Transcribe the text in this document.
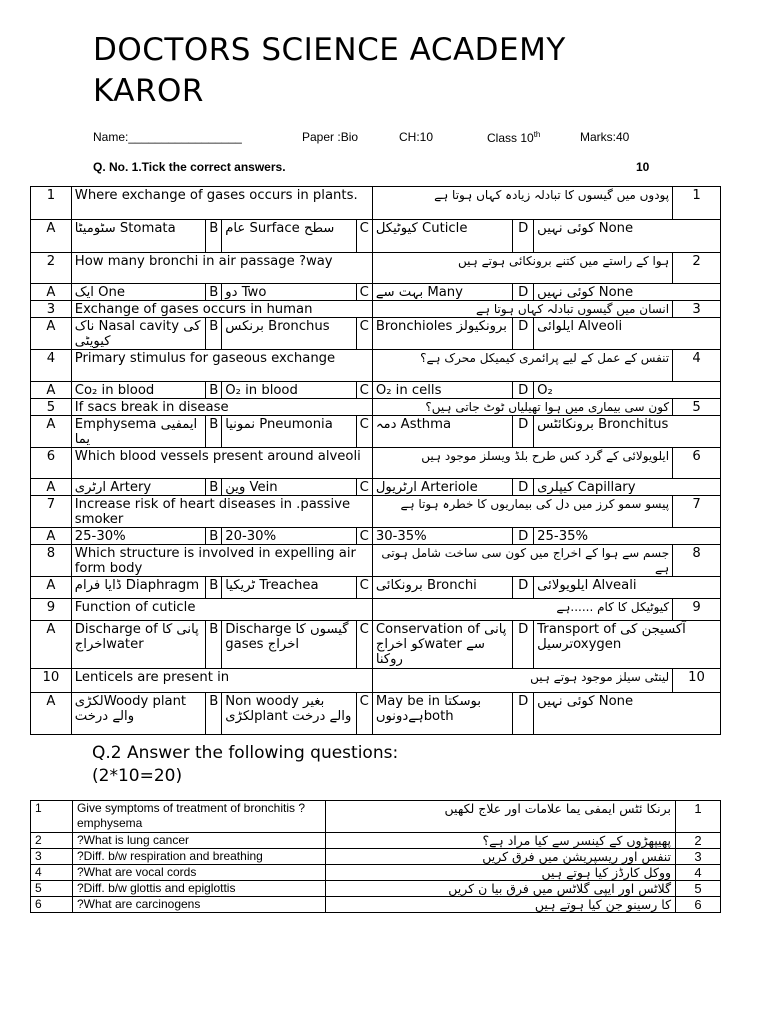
DOCTORS SCIENCE ACADEMY
KAROR
Name:_________________	Paper :Bio	CH:10	Class 10th	Marks:40
Q. No. 1.Tick the correct answers.	10
1	Where exchange of gases occurs in plants.				پودوں میں گیسوں کا تبادلہ زیادہ کہاں ہوتا ہے			1
A	سٹومیٹا Stomata	B	عام Surface سطح	C	کیوٹیکل Cuticle	D	کوئی نہیں None	
2	How many bronchi in air passage ?way				ہوا کے راستے میں کتنے برونکائی ہوتے ہیں			2
A	ایک One	B	دو Two	C	بہت سے Many	D	کوئی نہیں None	
3	Exchange of gases occurs in human				انسان میں گیسوں تبادلہ کہاں ہوتا ہے			3
A	ناک Nasal cavity کی کیویٹی	B	برنکس Bronchus	C	Bronchioles برونکیولز	D	ایلوائی Alveoli	
4	Primary stimulus for gaseous exchange				تنفس کے عمل کے لیے پرائمری کیمیکل محرک ہے؟			4
A	Co₂ in blood	B	O₂ in blood	C	O₂ in cells	D	O₂	
5	If sacs break in disease				کون سی بیماری میں ہوا تھیلیاں ٹوٹ جاتی ہیں؟			5
A	Emphysema ایمفیی یما	B	نمونیا Pneumonia	C	دمہ Asthma	D	برونکائٹس Bronchitus	
6	Which blood vessels present around alveoli				ایلویولائی کے گرد کس طرح بلڈ ویسلز موجود ہیں			6
A	ارٹری Artery	B	وین Vein	C	ارٹریول Arteriole	D	کیپلری Capillary	
7	Increase risk of heart diseases in .passive smoker				پیسو سمو کرز میں دل کی بیماریوں کا خطرہ ہوتا ہے			7
A	25-30%	B	20-30%	C	30-35%	D	25-35%	
8	Which structure is involved in expelling air form body				جسم سے ہوا کے اخراج میں کون سی ساخت شامل ہوتی ہے			8
A	ڈایا فرام Diaphragm	B	ٹریکیا Treachea	C	برونکائی Bronchi	D	ایلویولائی Alveali	
9	Function of cuticle				کیوٹیکل کا کام ......ہے			9
A	Discharge of پانی کا اخراجwater	B	Discharge گیسوں کا gases اخراج	C	Conservation of پانی کو اخراجwater سے روکنا	D	Transport of آکسیجن کی ترسیلoxygen	
10	Lenticels are present in				لینٹی سیلز موجود ہوتے ہیں			10
A	لکڑیWoody plant والے درخت	B	Non woody بغیر لکڑیplant والے درخت	C	May be in بوسکتا ہےدونوںboth	D	کوئی نہیں None	
Q.2 Answer the following questions:
(2*10=20)
1	Give symptoms of treatment of bronchitis ?emphysema	برنکا ئٹس ایمفی یما علامات اور علاج لکھیں	1
2	?What is lung cancer	پھیپھڑوں کے کینسر سے کیا مراد ہے؟	2
3	?Diff. b/w respiration and breathing	تنفس اور ریسپریشن میں فرق کریں	3
4	?What are vocal cords	ووکل کارڈز کیا ہوتے ہیں	4
5	?Diff. b/w glottis and epiglottis	گلاٹس اور ایپی گلاٹس میں فرق بیا ن کریں	5
6	?What are carcinogens	کا رسینو جن کیا ہوتے ہیں	6
